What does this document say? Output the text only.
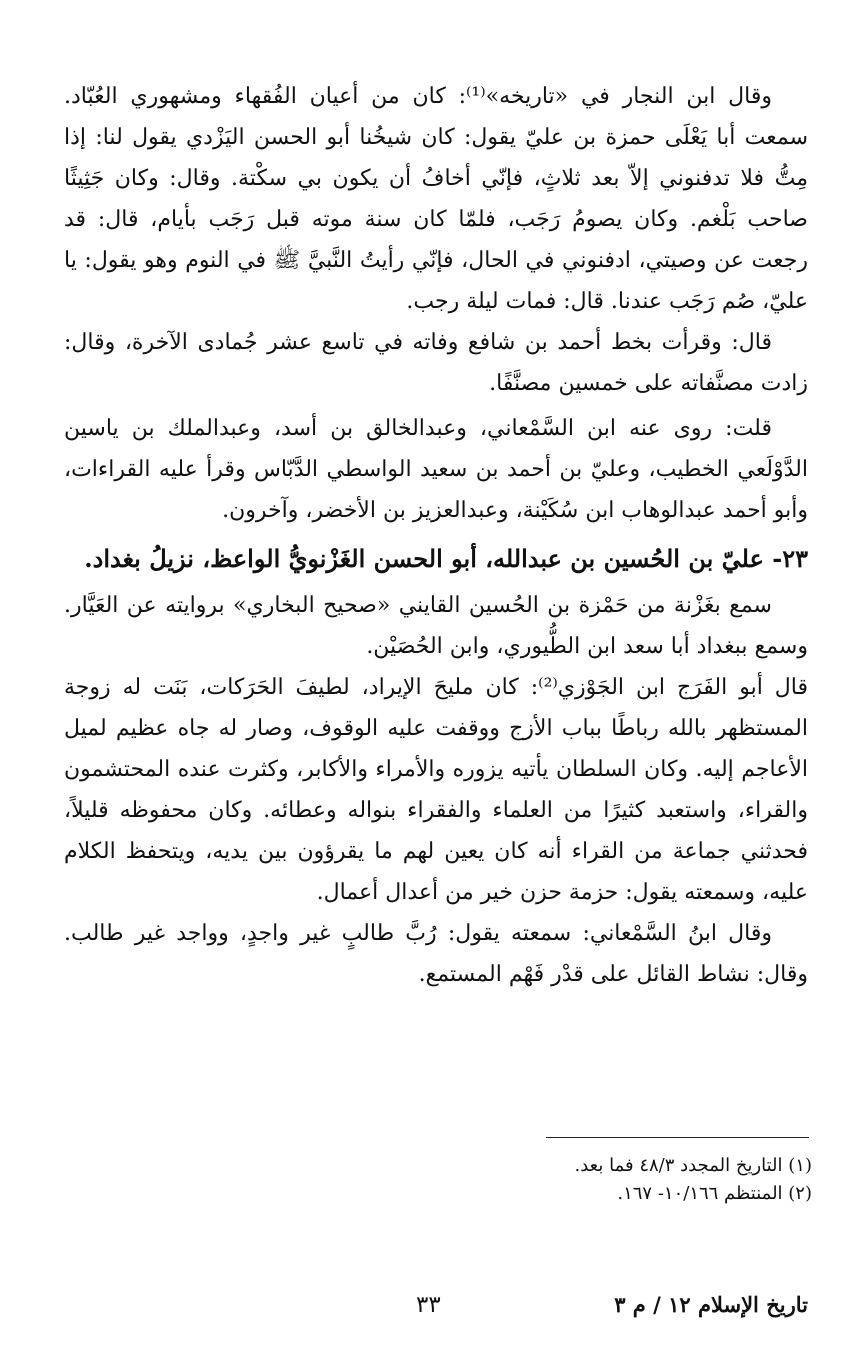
وقال ابن النجار في «تاريخه»⁽¹⁾: كان من أعيان الفُقهاء ومشهوري العُبّاد. سمعت أبا يَعْلَى حمزة بن عليّ يقول: كان شيخُنا أبو الحسن اليَزْدي يقول لنا: إذا مِتُّ فلا تدفنوني إلاّ بعد ثلاثٍ، فإنّي أخافُ أن يكون بي سكْتة. وقال: وكان جَثِيثًا صاحب بَلْغم. وكان يصومُ رَجَب، فلمّا كان سنة موته قبل رَجَب بأيام، قال: قد رجعت عن وصيتي، ادفنوني في الحال، فإنّي رأيتُ النَّبيَّ ﷺ في النوم وهو يقول: يا عليّ، صُم رَجَب عندنا. قال: فمات ليلة رجب.

قال: وقرأت بخط أحمد بن شافع وفاته في تاسع عشر جُمادى الآخرة، وقال: زادت مصنَّفاته على خمسين مصنَّفًا.

قلت: روى عنه ابن السَّمْعاني، وعبدالخالق بن أسد، وعبدالملك بن ياسين الدَّوْلَعي الخطيب، وعليّ بن أحمد بن سعيد الواسطي الدَّبّاس وقرأ عليه القراءات، وأبو أحمد عبدالوهاب ابن سُكَيْنة، وعبدالعزيز بن الأخضر، وآخرون.

٢٣- عليّ بن الحُسين بن عبدالله، أبو الحسن الغَزْنويُّ الواعظ، نزيلُ بغداد.

سمع بغَزْنة من حَمْزة بن الحُسين القايني «صحيح البخاري» بروايته عن العَيَّار. وسمع ببغداد أبا سعد ابن الطُّيوري، وابن الحُصَيْن.

قال أبو الفَرَج ابن الجَوْزي⁽²⁾: كان مليحَ الإيراد، لطيفَ الحَرَكات، بَنَت له زوجة المستظهر بالله رباطًا بباب الأزج ووقفت عليه الوقوف، وصار له جاه عظيم لميل الأعاجم إليه. وكان السلطان يأتيه يزوره والأمراء والأكابر، وكثرت عنده المحتشمون والقراء، واستعبد كثيرًا من العلماء والفقراء بنواله وعطائه. وكان محفوظه قليلاً، فحدثني جماعة من القراء أنه كان يعين لهم ما يقرؤون بين يديه، ويتحفظ الكلام عليه، وسمعته يقول: حزمة حزن خير من أعدال أعمال.

وقال ابنُ السَّمْعاني: سمعته يقول: رُبَّ طالبٍ غير واجدٍ، وواجد غير طالب. وقال: نشاط القائل على قدْر فَهْم المستمع.

(١) التاريخ المجدد ٤٨/٣ فما بعد.

(٢) المنتظم ١٠/١٦٦- ١٦٧.

تاريخ الإسلام ١٢ / م ٣
٣٣
